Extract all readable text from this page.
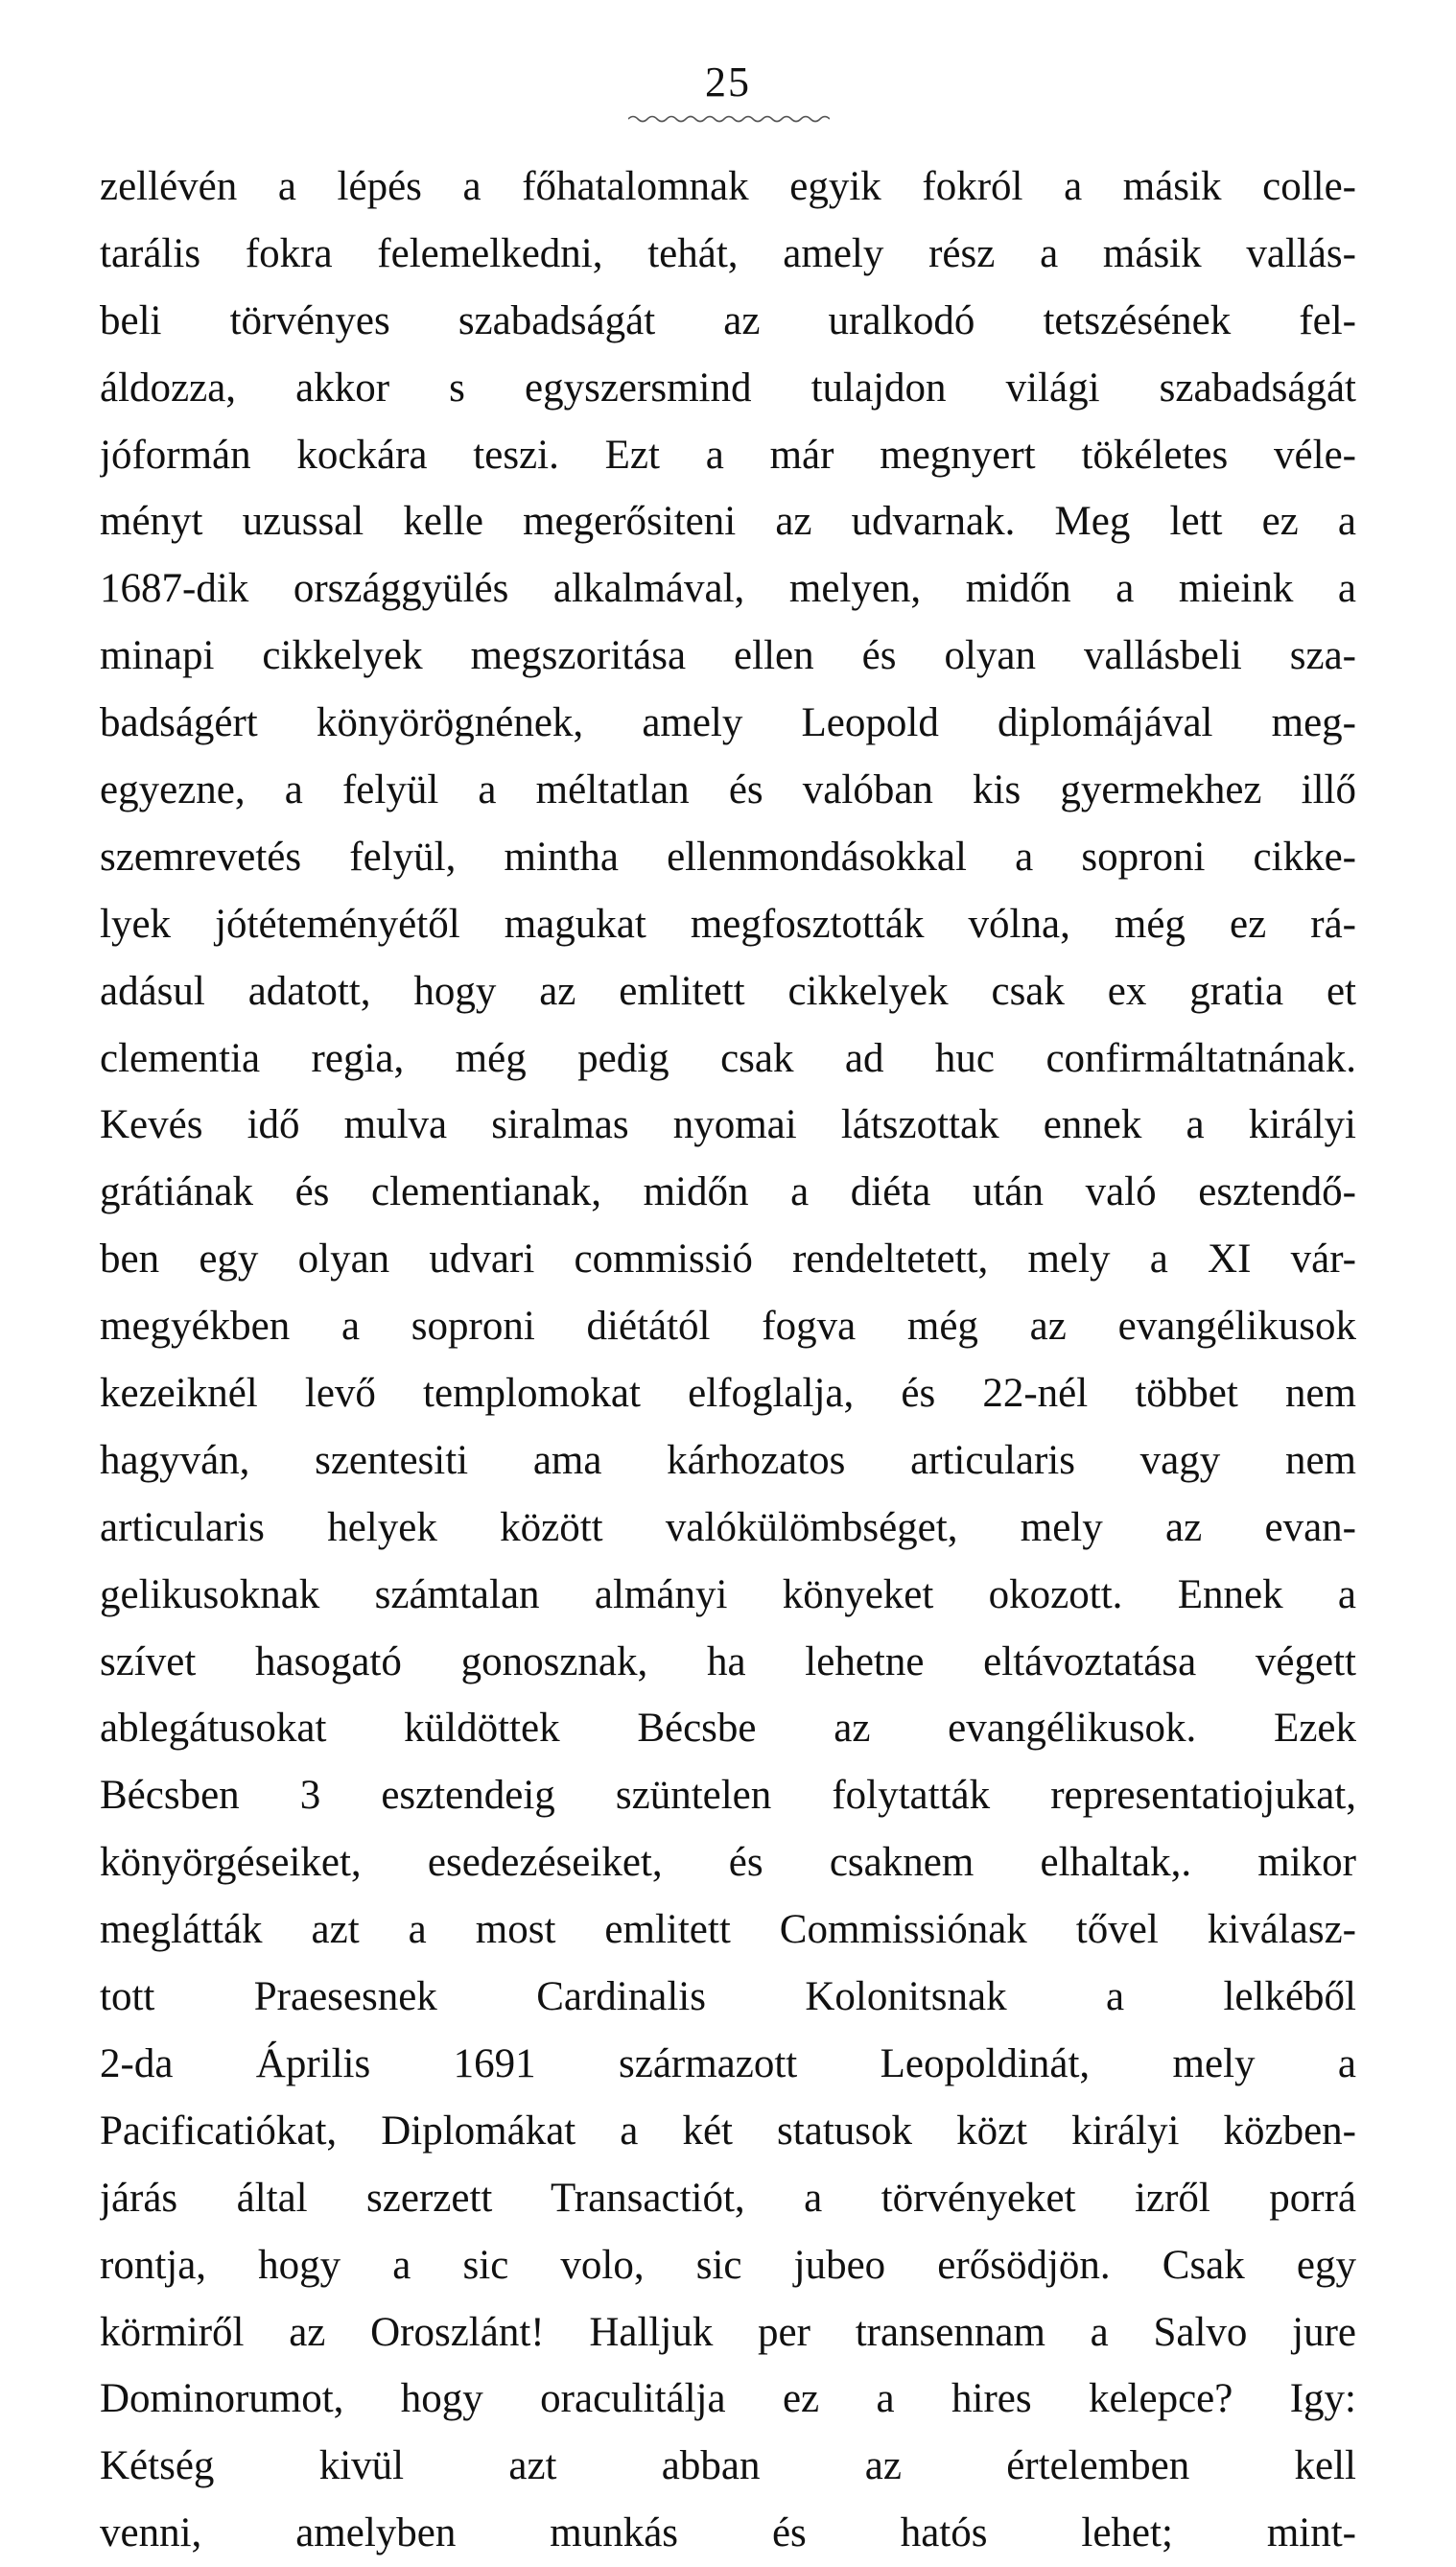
25
zellévén a lépés a főhatalomnak egyik fokról a másik colle-
tarális fokra felemelkedni, tehát, amely rész a másik vallás-
beli törvényes szabadságát az uralkodó tetszésének fel-
áldozza, akkor s egyszersmind tulajdon világi szabadságát
jóformán kockára teszi. Ezt a már megnyert tökéletes véle-
ményt uzussal kelle megerősiteni az udvarnak. Meg lett ez a
1687-dik országgyülés alkalmával, melyen, midőn a mieink a
minapi cikkelyek megszoritása ellen és olyan vallásbeli sza-
badságért könyörögnének, amely Leopold diplomájával meg-
egyezne, a felyül a méltatlan és valóban kis gyermekhez illő
szemrevetés felyül, mintha ellenmondásokkal a soproni cikke-
lyek jótéteményétől magukat megfosztották vólna, még ez rá-
adásul adatott, hogy az emlitett cikkelyek csak ex gratia et
clementia regia, még pedig csak ad huc confirmáltatnának.
Kevés idő mulva siralmas nyomai látszottak ennek a királyi
grátiának és clementianak, midőn a diéta után való esztendő-
ben egy olyan udvari commissió rendeltetett, mely a XI vár-
megyékben a soproni diétától fogva még az evangélikusok
kezeiknél levő templomokat elfoglalja, és 22-nél többet nem
hagyván, szentesiti ama kárhozatos articularis vagy nem
articularis helyek között valókülömbséget, mely az evan-
gelikusoknak számtalan almányi könyeket okozott. Ennek a
szívet hasogató gonosznak, ha lehetne eltávoztatása végett
ablegátusokat küldöttek Bécsbe az evangélikusok. Ezek
Bécsben 3 esztendeig szüntelen folytatták representatiojukat,
könyörgéseiket, esedezéseiket, és csaknem elhaltak,. mikor
meglátták azt a most emlitett Commissiónak tővel kiválasz-
tott Praesesnek Cardinalis Kolonitsnak a lelkéből
2-da Április 1691 származott Leopoldinát, mely a
Pacificatiókat, Diplomákat a két statusok közt királyi közben-
járás által szerzett Transactiót, a törvényeket izről porrá
rontja, hogy a sic volo, sic jubeo erősödjön. Csak egy
körmiről az Oroszlánt! Halljuk per transennam a Salvo jure
Dominorumot, hogy oraculitálja ez a hires kelepce? Igy:
Kétség kivül azt abban az értelemben kell
venni, amelyben munkás és hatós lehet; mint-
